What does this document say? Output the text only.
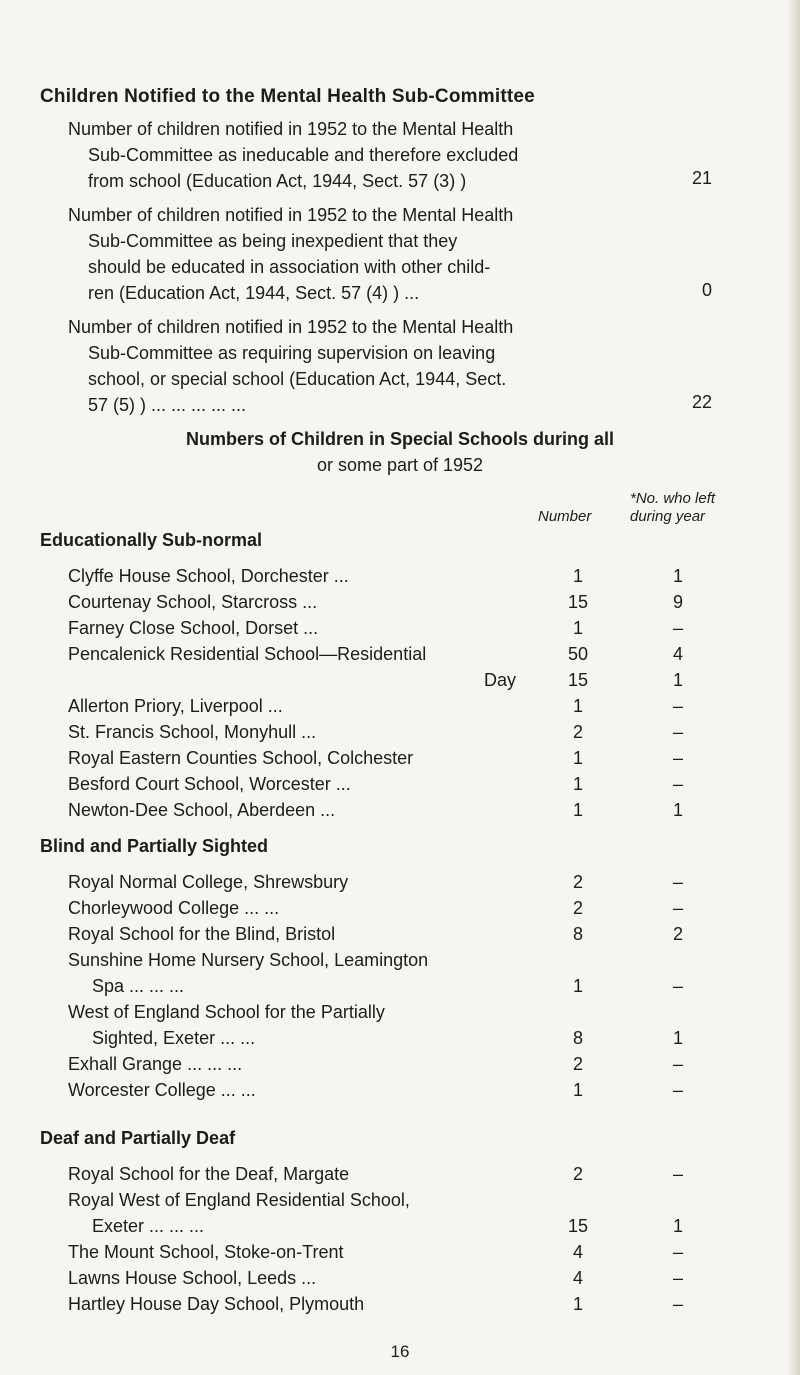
Children Notified to the Mental Health Sub-Committee

Number of children notified in 1952 to the Mental Health
Sub-Committee as ineducable and therefore excluded
from school (Education Act, 1944, Sect. 57 (3) )	21

Number of children notified in 1952 to the Mental Health
Sub-Committee as being inexpedient that they
should be educated in association with other child-
ren (Education Act, 1944, Sect. 57 (4) ) ...	0

Number of children notified in 1952 to the Mental Health
Sub-Committee as requiring supervision on leaving
school, or special school (Education Act, 1944, Sect.
57 (5) ) ... ... ... ... ...	22

Numbers of Children in Special Schools during all
or some part of 1952

*No. who left
during year
Number

Educationally Sub-normal

Clyffe House School, Dorchester ...	1	1
Courtenay School, Starcross ...	15	9
Farney Close School, Dorset ...	1	–
Pencalenick Residential School—Residential	50	4
Day	15	1
Allerton Priory, Liverpool ...	1	–
St. Francis School, Monyhull ...	2	–
Royal Eastern Counties School, Colchester	1	–
Besford Court School, Worcester ...	1	–
Newton-Dee School, Aberdeen ...	1	1

Blind and Partially Sighted

Royal Normal College, Shrewsbury	2	–
Chorleywood College ... ...	2	–
Royal School for the Blind, Bristol	8	2
Sunshine Home Nursery School, Leamington
Spa ... ... ...	1	–
West of England School for the Partially
Sighted, Exeter ... ...	8	1
Exhall Grange ... ... ...	2	–
Worcester College ... ...	1	–

Deaf and Partially Deaf

Royal School for the Deaf, Margate	2	–
Royal West of England Residential School,
Exeter ... ... ...	15	1
The Mount School, Stoke-on-Trent	4	–
Lawns House School, Leeds ...	4	–
Hartley House Day School, Plymouth	1	–
16
